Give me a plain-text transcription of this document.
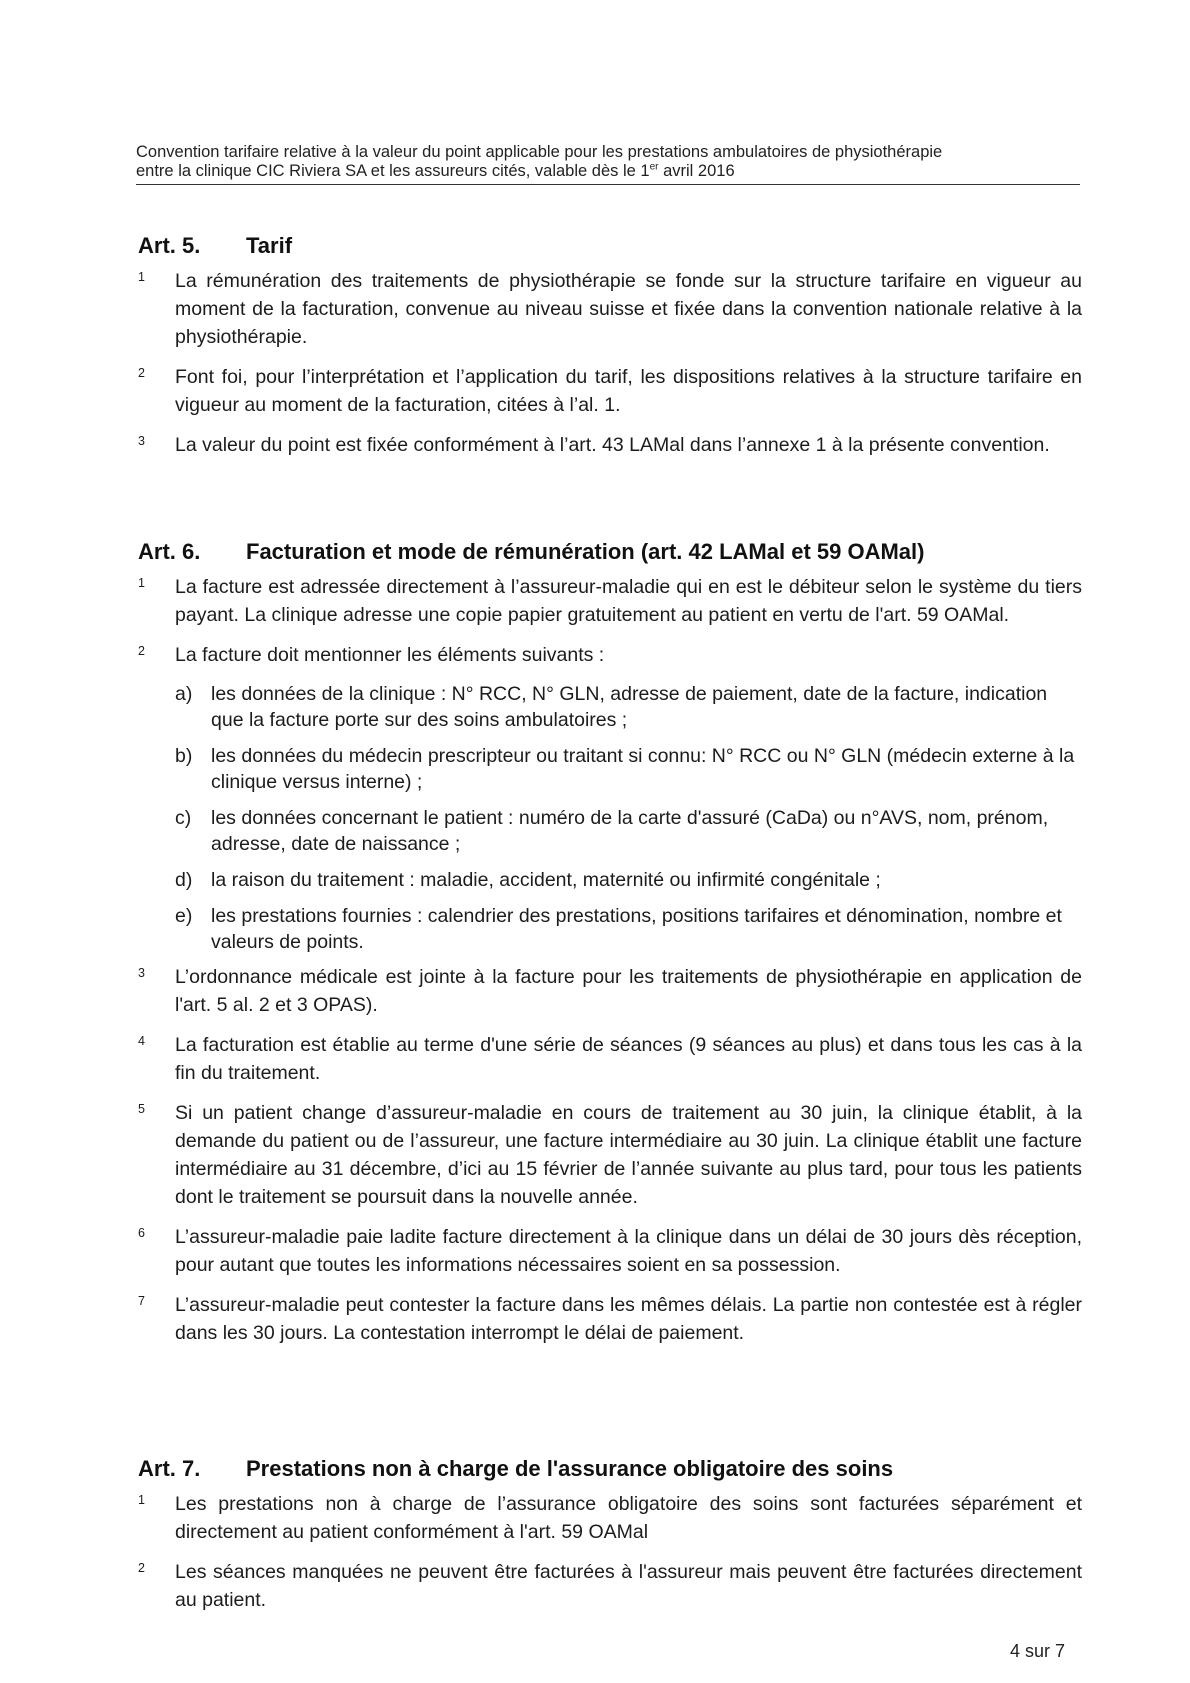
Convention tarifaire relative à la valeur du point applicable pour les prestations ambulatoires de physiothérapie
entre la clinique CIC Riviera SA et les assureurs cités, valable dès le 1er avril 2016
Art. 5.	Tarif
1 La rémunération des traitements de physiothérapie se fonde sur la structure tarifaire en vigueur au moment de la facturation, convenue au niveau suisse et fixée dans la convention nationale relative à la physiothérapie.
2 Font foi, pour l’interprétation et l’application du tarif, les dispositions relatives à la structure tarifaire en vigueur au moment de la facturation, citées à l’al. 1.
3 La valeur du point est fixée conformément à l’art. 43 LAMal dans l’annexe 1 à la présente convention.
Art. 6.	Facturation et mode de rémunération (art. 42 LAMal et 59 OAMal)
1 La facture est adressée directement à l’assureur-maladie qui en est le débiteur selon le système du tiers payant. La clinique adresse une copie papier gratuitement au patient en vertu de l'art. 59 OAMal.
2 La facture doit mentionner les éléments suivants :
a) les données de la clinique : N° RCC, N° GLN, adresse de paiement, date de la facture, indication que la facture porte sur des soins ambulatoires ;
b) les données du médecin prescripteur ou traitant si connu: N° RCC ou N° GLN (médecin externe à la clinique versus interne) ;
c) les données concernant le patient : numéro de la carte d'assuré (CaDa) ou n°AVS, nom, prénom, adresse, date de naissance ;
d) la raison du traitement : maladie, accident, maternité ou infirmité congénitale ;
e) les prestations fournies : calendrier des prestations, positions tarifaires et dénomination, nombre et valeurs de points.
3 L’ordonnance médicale est jointe à la facture pour les traitements de physiothérapie en application de l'art. 5 al. 2 et 3 OPAS).
4 La facturation est établie au terme d'une série de séances (9 séances au plus) et dans tous les cas à la fin du traitement.
5 Si un patient change d’assureur-maladie en cours de traitement au 30 juin, la clinique établit, à la demande du patient ou de l’assureur, une facture intermédiaire au 30 juin. La clinique établit une facture intermédiaire au 31 décembre, d’ici au 15 février de l’année suivante au plus tard, pour tous les patients dont le traitement se poursuit dans la nouvelle année.
6 L’assureur-maladie paie ladite facture directement à la clinique dans un délai de 30 jours dès réception, pour autant que toutes les informations nécessaires soient en sa possession.
7 L’assureur-maladie peut contester la facture dans les mêmes délais. La partie non contestée est à régler dans les 30 jours. La contestation interrompt le délai de paiement.
Art. 7.	Prestations non à charge de l'assurance obligatoire des soins
1 Les prestations non à charge de l’assurance obligatoire des soins sont facturées séparément et directement au patient conformément à l'art. 59 OAMal
2 Les séances manquées ne peuvent être facturées à l'assureur mais peuvent être facturées directement au patient.
4 sur 7
